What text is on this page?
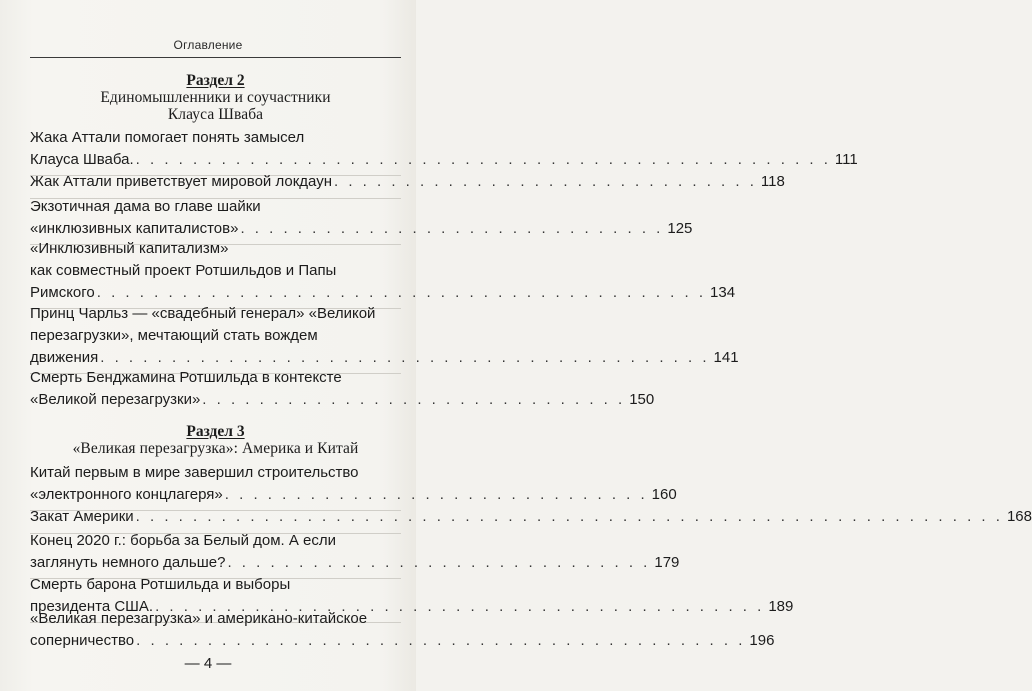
Оглавление
Раздел 2
Единомышленники и соучастники
Клауса Шваба
Жака Аттали помогает понять замысел
Клауса Шваба. . . . . . . . . . . . . . . . . . . . . . . . . . . . . . . . . . . . . . . . . . . . . . . . . . 111
Жак Аттали приветствует мировой локдаун . . . . . . . . . . . . . . . . . . . . . . . . . . . . . . 118
Экзотичная дама во главе шайки
«инклюзивных капиталистов» . . . . . . . . . . . . . . . . . . . . . . . . . . . . . . 125
«Инклюзивный капитализм»
как совместный проект Ротшильдов и Папы
Римского . . . . . . . . . . . . . . . . . . . . . . . . . . . . . . . . . . . . . . . . . . . 134
Принц Чарльз — «свадебный генерал» «Великой
перезагрузки», мечтающий стать вождем
движения . . . . . . . . . . . . . . . . . . . . . . . . . . . . . . . . . . . . . . . . . . . 141
Смерть Бенджамина Ротшильда в контексте
«Великой перезагрузки» . . . . . . . . . . . . . . . . . . . . . . . . . . . . . . 150
Раздел 3
«Великая перезагрузка»: Америка и Китай
Китай первым в мире завершил строительство
«электронного концлагеря» . . . . . . . . . . . . . . . . . . . . . . . . . . . . . . 160
Закат Америки . . . . . . . . . . . . . . . . . . . . . . . . . . . . . . . . . . . . . . . . . . . . . . . . . . . . . . . . . . . . . 168
Конец 2020 г.: борьба за Белый дом. А если
заглянуть немного дальше? . . . . . . . . . . . . . . . . . . . . . . . . . . . . . . 179
Смерть барона Ротшильда и выборы
президента США. . . . . . . . . . . . . . . . . . . . . . . . . . . . . . . . . . . . . . . . . . . . 189
«Великая перезагрузка» и американо-китайское
соперничество . . . . . . . . . . . . . . . . . . . . . . . . . . . . . . . . . . . . . . . . . . . 196
— 4 —
